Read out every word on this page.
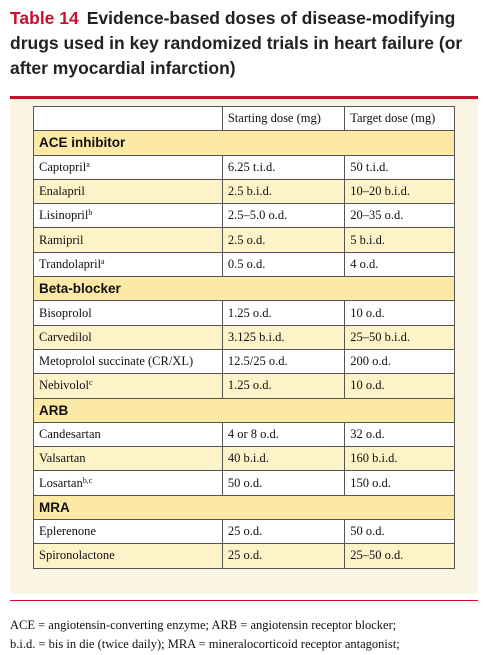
Table 14 Evidence-based doses of disease-modifying drugs used in key randomized trials in heart failure (or after myocardial infarction)
	Starting dose (mg)	Target dose (mg)
ACE inhibitor		
Captopril$^a$	6.25 t.i.d.	50 t.i.d.
Enalapril	2.5 b.i.d.	10–20 b.i.d.
Lisinopril$^b$	2.5–5.0 o.d.	20–35 o.d.
Ramipril	2.5 o.d.	5 b.i.d.
Trandolapril$^a$	0.5 o.d.	4 o.d.
Beta-blocker		
Bisoprolol	1.25 o.d.	10 o.d.
Carvedilol	3.125 b.i.d.	25–50 b.i.d.
Metoprolol succinate (CR/XL)	12.5/25 o.d.	200 o.d.
Nebivolol$^c$	1.25 o.d.	10 o.d.
ARB		
Candesartan	4 or 8 o.d.	32 o.d.
Valsartan	40 b.i.d.	160 b.i.d.
Losartan$^{b,c}$	50 o.d.	150 o.d.
MRA		
Eplerenone	25 o.d.	50 o.d.
Spironolactone	25 o.d.	25–50 o.d.
ACE = angiotensin-converting enzyme; ARB = angiotensin receptor blocker;
b.i.d. = bis in die (twice daily); MRA = mineralocorticoid receptor antagonist;
